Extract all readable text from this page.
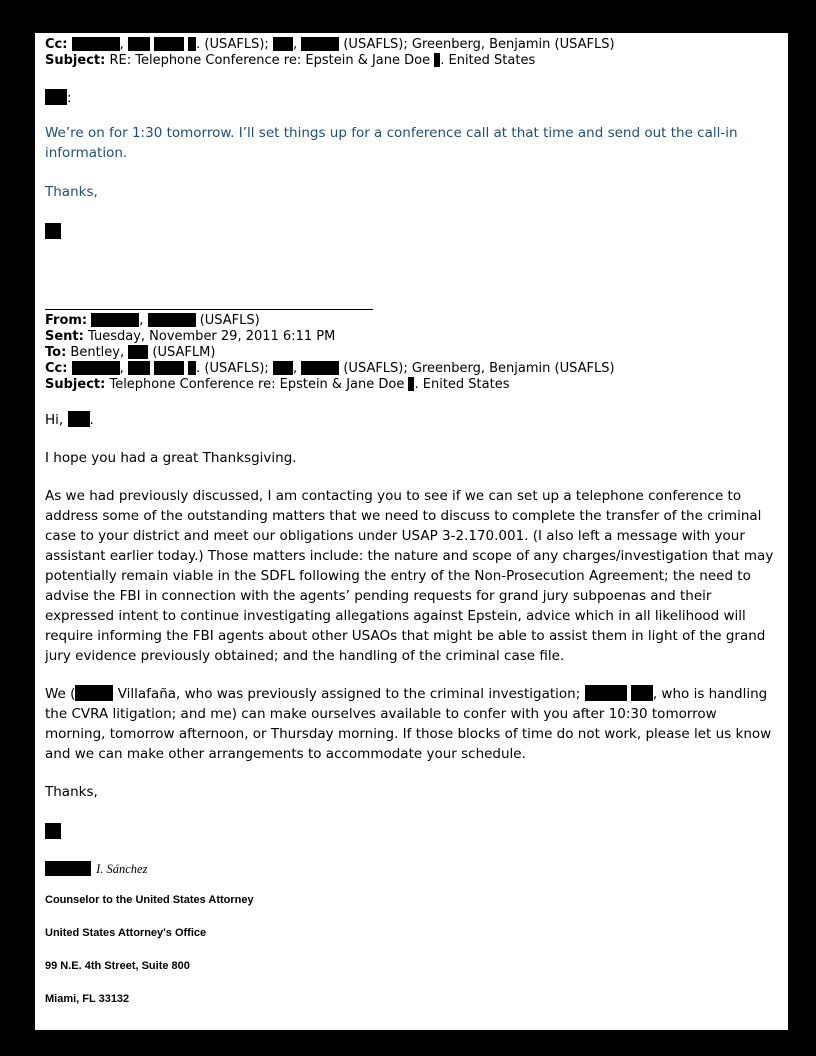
Cc:	,	. (USAFLS); ,	(USAFLS); Greenberg, Benjamin (USAFLS)
Subject: RE: Telephone Conference re: Epstein & Jane Doe . Enited States
:
We’re on for 1:30 tomorrow. I’ll set things up for a conference call at that time and send out the call-in information.
Thanks,
From:	,	(USAFLS)
Sent: Tuesday, November 29, 2011 6:11 PM
To: Bentley, (USAFLM)
Cc:	,	. (USAFLS); ,	(USAFLS); Greenberg, Benjamin (USAFLS)
Subject: Telephone Conference re: Epstein & Jane Doe . Enited States
Hi, .
I hope you had a great Thanksgiving.
As we had previously discussed, I am contacting you to see if we can set up a telephone conference to address some of the outstanding matters that we need to discuss to complete the transfer of the criminal case to your district and meet our obligations under USAP 3-2.170.001. (I also left a message with your assistant earlier today.) Those matters include: the nature and scope of any charges/investigation that may potentially remain viable in the SDFL following the entry of the Non-Prosecution Agreement; the need to advise the FBI in connection with the agents’ pending requests for grand jury subpoenas and their expressed intent to continue investigating allegations against Epstein, advice which in all likelihood will require informing the FBI agents about other USAOs that might be able to assist them in light of the grand jury evidence previously obtained; and the handling of the criminal case file.
We (	Villafaña, who was previously assigned to the criminal investigation;	, who is handling the CVRA litigation; and me) can make ourselves available to confer with you after 10:30 tomorrow morning, tomorrow afternoon, or Thursday morning. If those blocks of time do not work, please let us know and we can make other arrangements to accommodate your schedule.
Thanks,
I. Sánchez
Counselor to the United States Attorney
United States Attorney's Office
99 N.E. 4th Street, Suite 800
Miami, FL 33132
